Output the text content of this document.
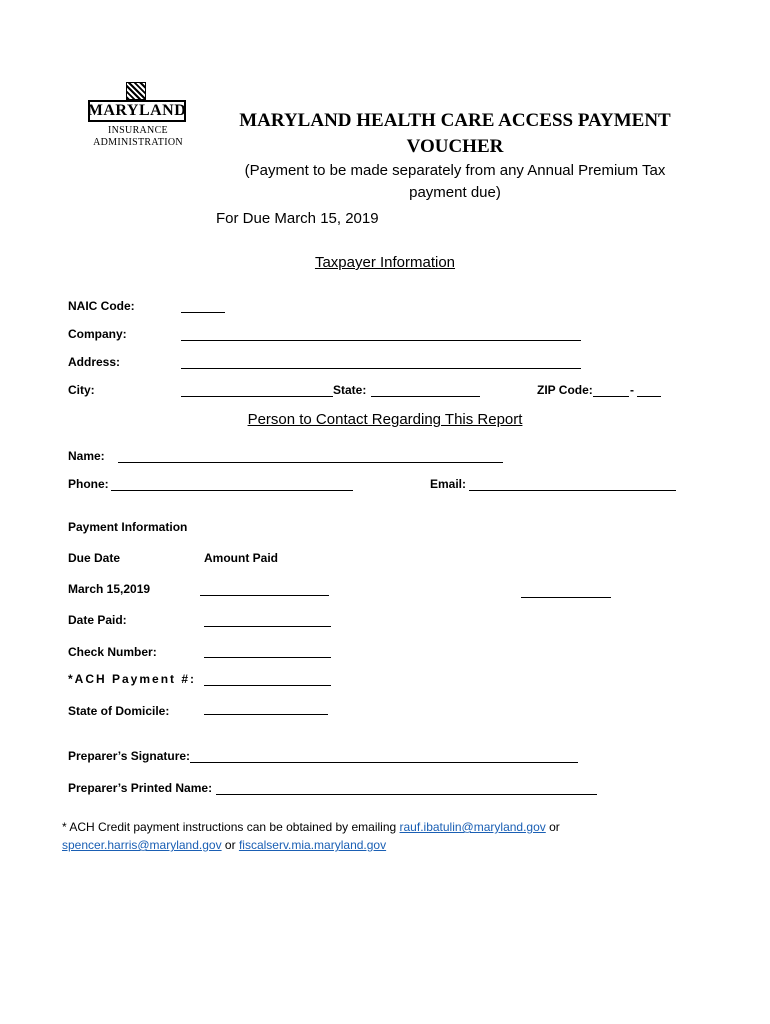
MARYLAND
INSURANCE
ADMINISTRATION
MARYLAND HEALTH CARE ACCESS PAYMENT
VOUCHER
(Payment to be made separately from any Annual Premium Tax
payment due)
For Due March 15, 2019
Taxpayer Information
NAIC Code:
Company:
Address:
City:	State:	ZIP Code:	-
Person to Contact Regarding This Report
Name:
Phone:	Email:
Payment Information
Due Date	Amount Paid
March 15,2019
Date Paid:
Check Number:
*ACH Payment #:
State of Domicile:
Preparer’s Signature:
Preparer’s Printed Name:
* ACH Credit payment instructions can be obtained by emailing rauf.ibatulin@maryland.gov or
spencer.harris@maryland.gov or fiscalserv.mia.maryland.gov
